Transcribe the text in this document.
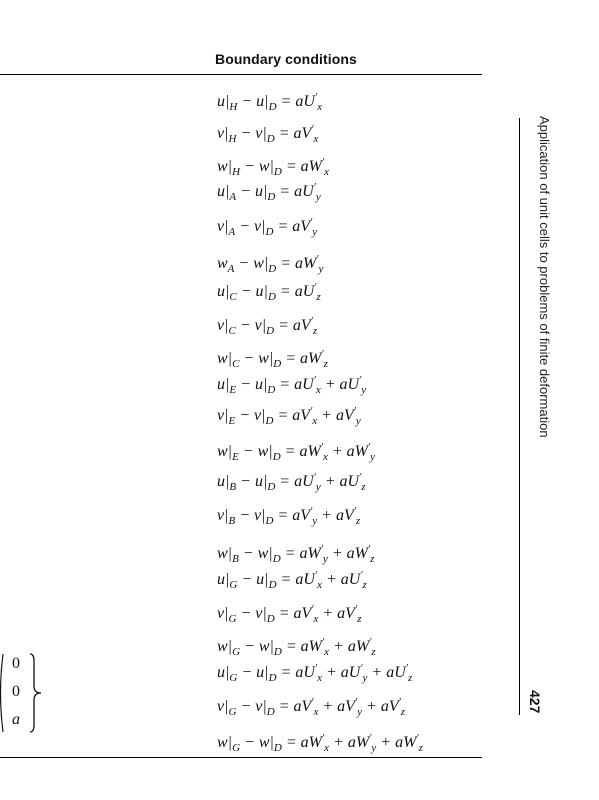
Boundary conditions
Application of unit cells to problems of finite deformation
427
0
0
a
$u|_H - u|_D = aU'_x$
$v|_H - v|_D = aV'_x$
$w|_H - w|_D = aW'_x$
$u|_A - u|_D = aU'_y$
$v|_A - v|_D = aV'_y$
$w_A - w|_D = aW'_y$
$u|_C - u|_D = aU'_z$
$v|_C - v|_D = aV'_z$
$w|_C - w|_D = aW'_z$
$u|_E - u|_D = aU'_x + aU'_y$
$v|_E - v|_D = aV'_x + aV'_y$
$w|_E - w|_D = aW'_x + aW'_y$
$u|_B - u|_D = aU'_y + aU'_z$
$v|_B - v|_D = aV'_y + aV'_z$
$w|_B - w|_D = aW'_y + aW'_z$
$u|_G - u|_D = aU'_x + aU'_z$
$v|_G - v|_D = aV'_x + aV'_z$
$w|_G - w|_D = aW'_x + aW'_z$
$u|_G - u|_D = aU'_x + aU'_y + aU'_z$
$v|_G - v|_D = aV'_x + aV'_y + aV'_z$
$w|_G - w|_D = aW'_x + aW'_y + aW'_z$
